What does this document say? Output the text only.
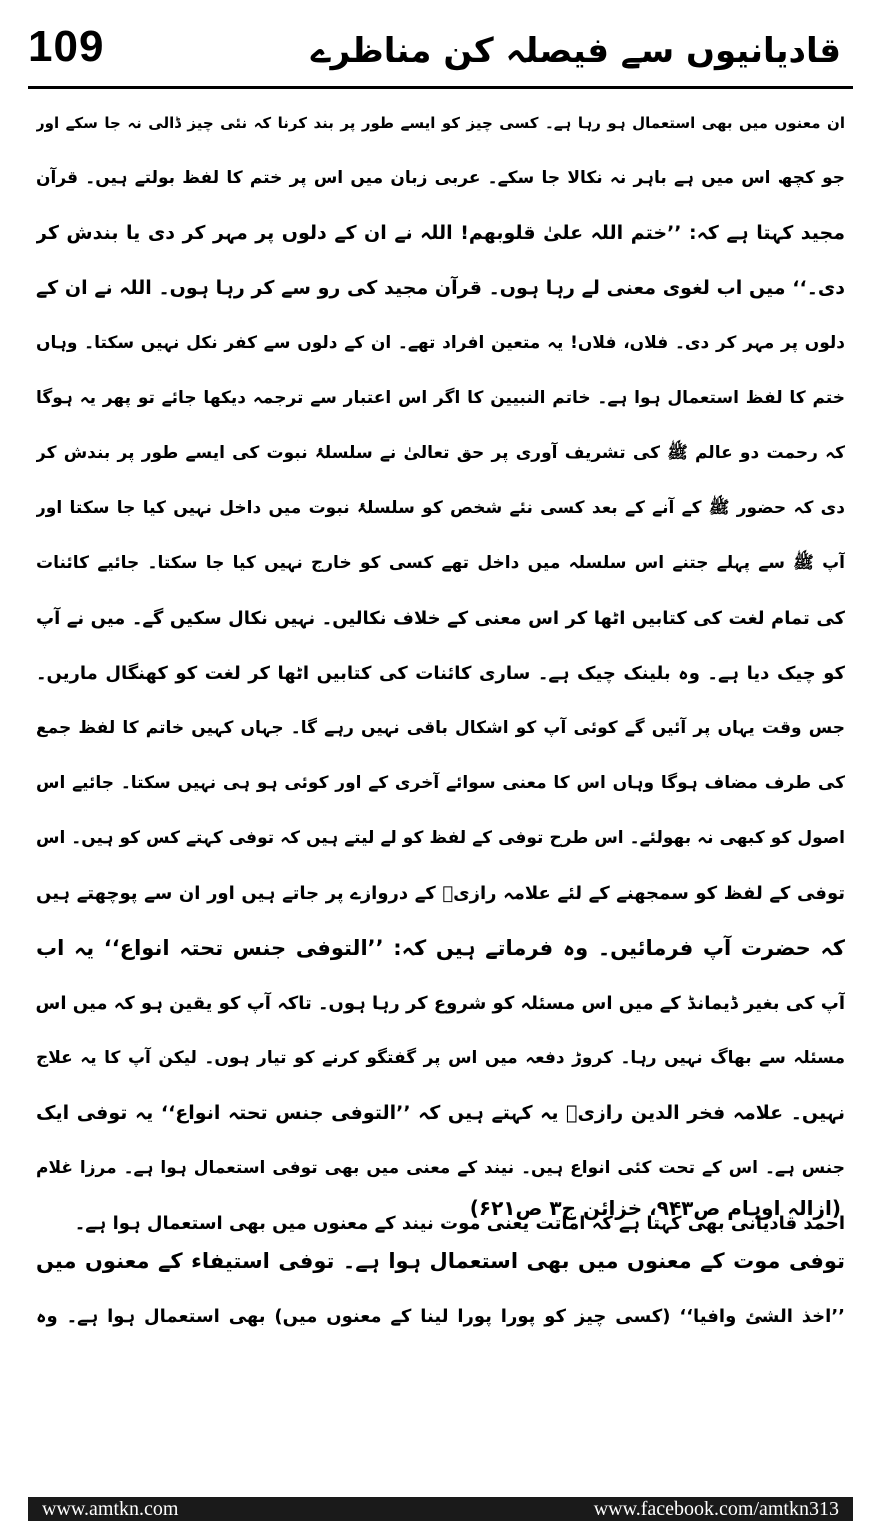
109	قادیانیوں سے فیصلہ کن مناظرے
ان معنوں میں بھی استعمال ہو رہا ہے۔ کسی چیز کو ایسے طور پر بند کرنا کہ نئی چیز ڈالی نہ جا سکے اور
جو کچھ اس میں ہے باہر نہ نکالا جا سکے۔ عربی زبان میں اس پر ختم کا لفظ بولتے ہیں۔ قرآن
مجید کہتا ہے کہ: ’’ختم اللہ علیٰ قلوبھم! اللہ نے ان کے دلوں پر مہر کر دی یا بندش کر
دی۔‘‘ میں اب لغوی معنی لے رہا ہوں۔ قرآن مجید کی رو سے کر رہا ہوں۔ اللہ نے ان کے
دلوں پر مہر کر دی۔ فلاں، فلاں! یہ متعین افراد تھے۔ ان کے دلوں سے کفر نکل نہیں سکتا۔ وہاں
ختم کا لفظ استعمال ہوا ہے۔ خاتم النبیین کا اگر اس اعتبار سے ترجمہ دیکھا جائے تو پھر یہ ہوگا
کہ رحمت دو عالم ﷺ کی تشریف آوری پر حق تعالیٰ نے سلسلۂ نبوت کی ایسے طور پر بندش کر
دی کہ حضور ﷺ کے آنے کے بعد کسی نئے شخص کو سلسلۂ نبوت میں داخل نہیں کیا جا سکتا اور
آپ ﷺ سے پہلے جتنے اس سلسلہ میں داخل تھے کسی کو خارج نہیں کیا جا سکتا۔ جائیے کائنات
کی تمام لغت کی کتابیں اٹھا کر اس معنی کے خلاف نکالیں۔ نہیں نکال سکیں گے۔ میں نے آپ
کو چیک دیا ہے۔ وہ بلینک چیک ہے۔ ساری کائنات کی کتابیں اٹھا کر لغت کو کھنگال ماریں۔
جس وقت یہاں پر آئیں گے کوئی آپ کو اشکال باقی نہیں رہے گا۔ جہاں کہیں خاتم کا لفظ جمع
کی طرف مضاف ہوگا وہاں اس کا معنی سوائے آخری کے اور کوئی ہو ہی نہیں سکتا۔ جائیے اس
اصول کو کبھی نہ بھولئے۔ اس طرح توفی کے لفظ کو لے لیتے ہیں کہ توفی کہتے کس کو ہیں۔ اس
توفی کے لفظ کو سمجھنے کے لئے علامہ رازیؒ کے دروازے پر جاتے ہیں اور ان سے پوچھتے ہیں
کہ حضرت آپ فرمائیں۔ وہ فرماتے ہیں کہ: ’’التوفی جنس تحتہ انواع‘‘ یہ اب
آپ کی بغیر ڈیمانڈ کے میں اس مسئلہ کو شروع کر رہا ہوں۔ تاکہ آپ کو یقین ہو کہ میں اس
مسئلہ سے بھاگ نہیں رہا۔ کروڑ دفعہ میں اس پر گفتگو کرنے کو تیار ہوں۔ لیکن آپ کا یہ علاج
نہیں۔ علامہ فخر الدین رازیؒ یہ کہتے ہیں کہ ’’التوفی جنس تحتہ انواع‘‘ یہ توفی ایک
جنس ہے۔ اس کے تحت کئی انواع ہیں۔ نیند کے معنی میں بھی توفی استعمال ہوا ہے۔ مرزا غلام
احمد قادیانی بھی کہتا ہے کہ اماتت یعنی موت نیند کے معنوں میں بھی استعمال ہوا ہے۔
(ازالہ اوہام ص۹۴۳، خزائن ج۳ ص۶۲۱)
توفی موت کے معنوں میں بھی استعمال ہوا ہے۔ توفی استیفاء کے معنوں میں
’’اخذ الشئ وافیا‘‘ (کسی چیز کو پورا پورا لینا کے معنوں میں) بھی استعمال ہوا ہے۔ وہ
www.amtkn.com	www.facebook.com/amtkn313
